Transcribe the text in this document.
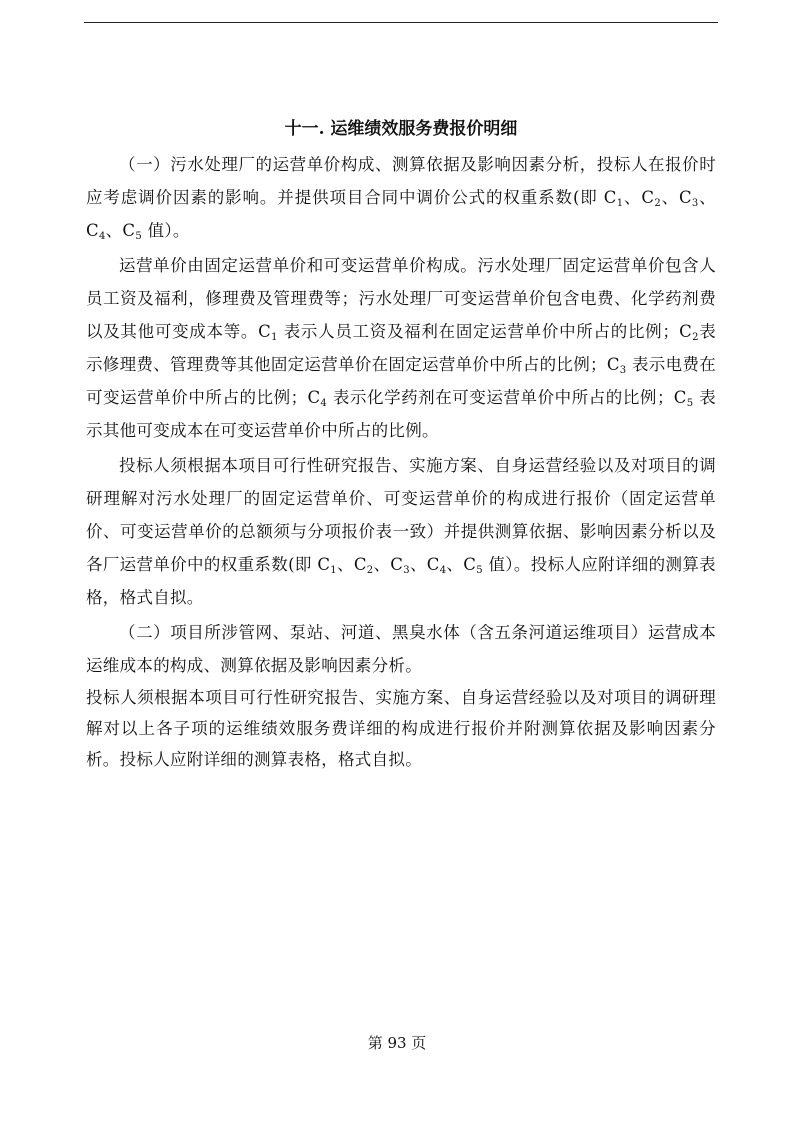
十一. 运维绩效服务费报价明细

（一）污水处理厂的运营单价构成、测算依据及影响因素分析，投标人在报价时应考虑调价因素的影响。并提供项目合同中调价公式的权重系数(即 $C_1$、$C_2$、$C_3$、$C_4$、$C_5$ 值）。

运营单价由固定运营单价和可变运营单价构成。污水处理厂固定运营单价包含人员工资及福利，修理费及管理费等；污水处理厂可变运营单价包含电费、化学药剂费以及其他可变成本等。$C_1$ 表示人员工资及福利在固定运营单价中所占的比例；$C_2$表示修理费、管理费等其他固定运营单价在固定运营单价中所占的比例；$C_3$ 表示电费在可变运营单价中所占的比例；$C_4$ 表示化学药剂在可变运营单价中所占的比例；$C_5$ 表示其他可变成本在可变运营单价中所占的比例。

投标人须根据本项目可行性研究报告、实施方案、自身运营经验以及对项目的调研理解对污水处理厂的固定运营单价、可变运营单价的构成进行报价（固定运营单价、可变运营单价的总额须与分项报价表一致）并提供测算依据、影响因素分析以及各厂运营单价中的权重系数(即 $C_1$、$C_2$、$C_3$、$C_4$、$C_5$ 值）。投标人应附详细的测算表格，格式自拟。

（二）项目所涉管网、泵站、河道、黑臭水体（含五条河道运维项目）运营成本运维成本的构成、测算依据及影响因素分析。

投标人须根据本项目可行性研究报告、实施方案、自身运营经验以及对项目的调研理解对以上各子项的运维绩效服务费详细的构成进行报价并附测算依据及影响因素分析。投标人应附详细的测算表格，格式自拟。

第 93 页
